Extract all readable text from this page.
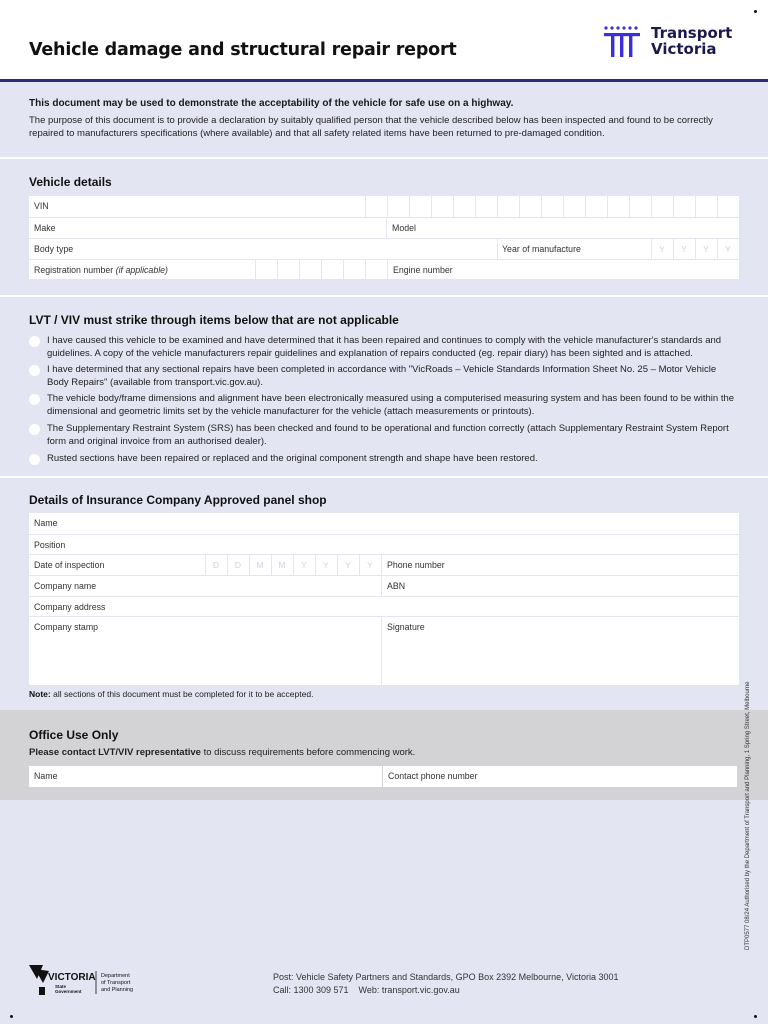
Vehicle damage and structural repair report
Transport
Victoria
This document may be used to demonstrate the acceptability of the vehicle for safe use on a highway.
The purpose of this document is to provide a declaration by suitably qualified person that the vehicle described below has been inspected and found to be correctly repaired to manufacturers specifications (where available) and that all safety related items have been returned to pre-damaged condition.
Vehicle details
VIN
Make	Model
Body type	Year of manufacture	Y	Y	Y	Y
Registration number (if applicable)	Engine number
LVT / VIV must strike through items below that are not applicable
I have caused this vehicle to be examined and have determined that it has been repaired and continues to comply with the vehicle manufacturer's standards and guidelines. A copy of the vehicle manufacturers repair guidelines and explanation of repairs conducted (eg. repair diary) has been sighted and is attached.
I have determined that any sectional repairs have been completed in accordance with "VicRoads – Vehicle Standards Information Sheet No. 25 – Motor Vehicle Body Repairs" (available from transport.vic.gov.au).
The vehicle body/frame dimensions and alignment have been electronically measured using a computerised measuring system and has been found to be within the dimensional and geometric limits set by the vehicle manufacturer for the vehicle (attach measurements or printouts).
The Supplementary Restraint System (SRS) has been checked and found to be operational and function correctly (attach Supplementary Restraint System Report form and original invoice from an authorised dealer).
Rusted sections have been repaired or replaced and the original component strength and shape have been restored.
Details of Insurance Company Approved panel shop
Name
Position
Date of inspection	D	D	M	M	Y	Y	Y	Y	Phone number
Company name	ABN
Company address
Company stamp	Signature
Note: all sections of this document must be completed for it to be accepted.
Office Use Only
Please contact LVT/VIV representative to discuss requirements before commencing work.
Name	Contact phone number	DTP0577 08/24 Authorised by the Department of Transport and Planning, 1 Spring Street, Melbourne
VICTORIA
State
Government
Department
of Transport
and Planning
Post: Vehicle Safety Partners and Standards, GPO Box 2392 Melbourne, Victoria 3001
Call: 1300 309 571    Web: transport.vic.gov.au
